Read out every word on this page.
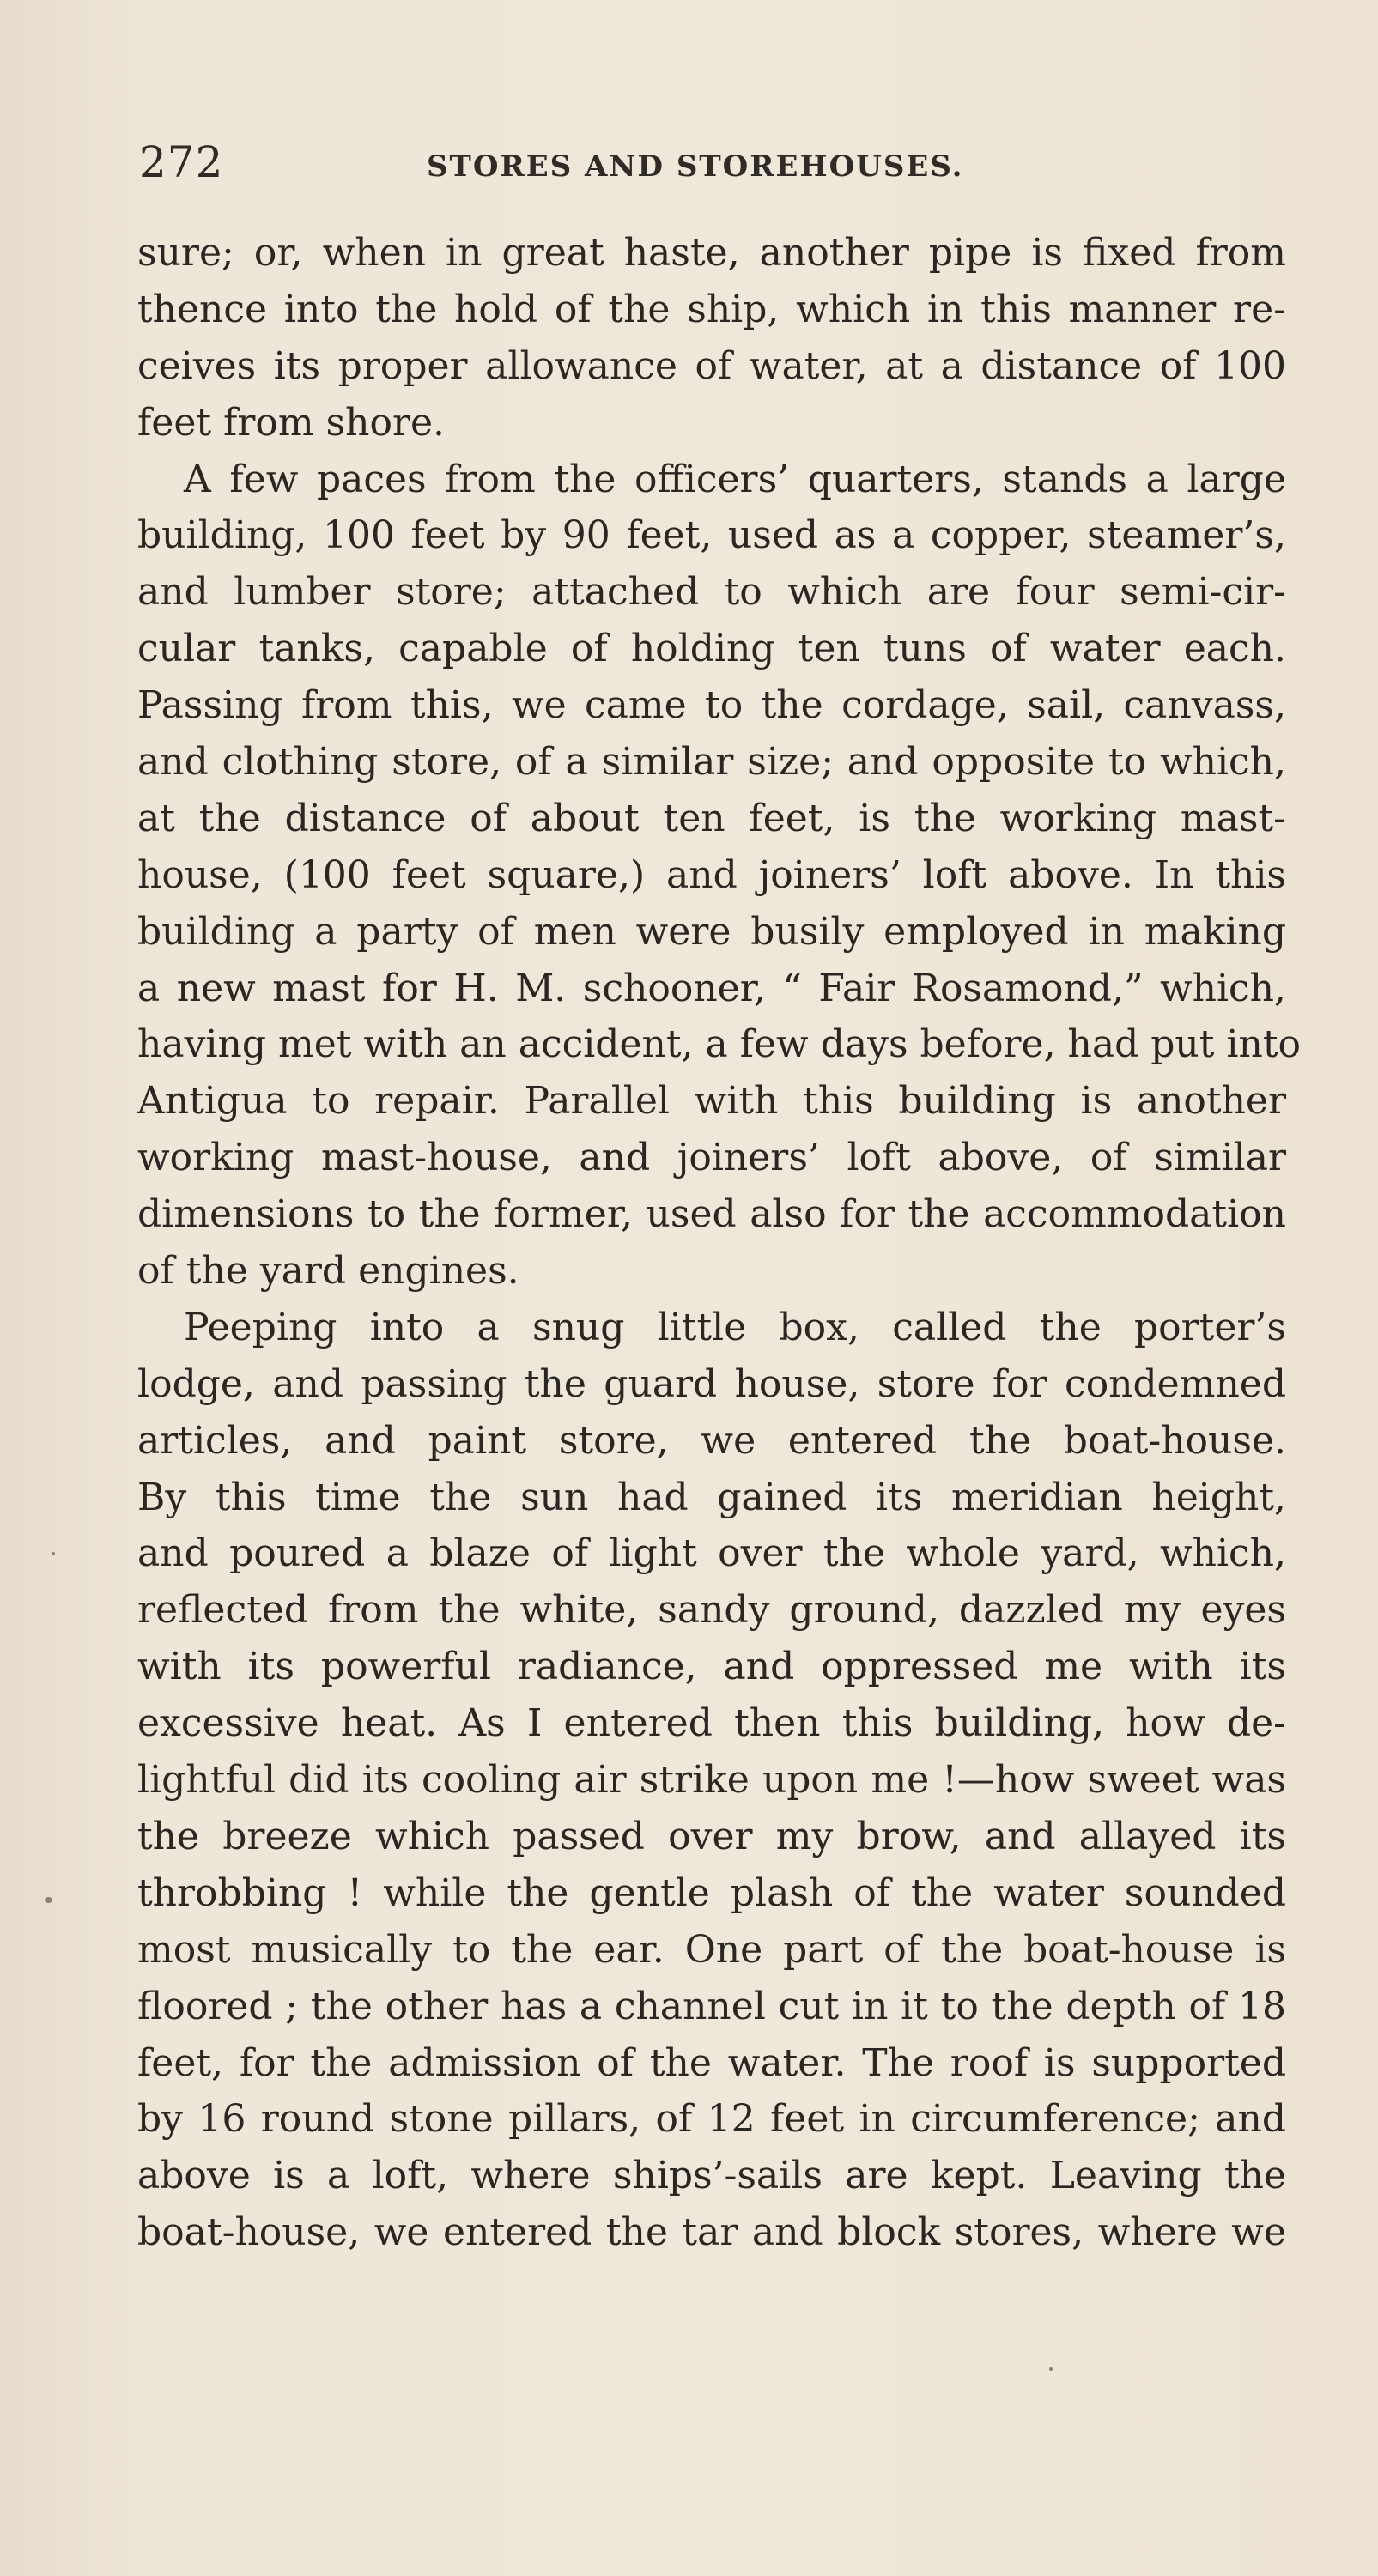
272	STORES AND STOREHOUSES.
sure; or, when in great haste, another pipe is fixed from
thence into the hold of the ship, which in this manner re-
ceives its proper allowance of water, at a distance of 100
feet from shore.
A few paces from the officers’ quarters, stands a large
building, 100 feet by 90 feet, used as a copper, steamer’s,
and lumber store; attached to which are four semi-cir-
cular tanks, capable of holding ten tuns of water each.
Passing from this, we came to the cordage, sail, canvass,
and clothing store, of a similar size; and opposite to which,
at the distance of about ten feet, is the working mast-
house, (100 feet square,) and joiners’ loft above. In this
building a party of men were busily employed in making
a new mast for H. M. schooner, “ Fair Rosamond,” which,
having met with an accident, a few days before, had put into
Antigua to repair. Parallel with this building is another
working mast-house, and joiners’ loft above, of similar
dimensions to the former, used also for the accommodation
of the yard engines.
Peeping into a snug little box, called the porter’s
lodge, and passing the guard house, store for condemned
articles, and paint store, we entered the boat-house.
By this time the sun had gained its meridian height,
and poured a blaze of light over the whole yard, which,
reflected from the white, sandy ground, dazzled my eyes
with its powerful radiance, and oppressed me with its
excessive heat. As I entered then this building, how de-
lightful did its cooling air strike upon me !—how sweet was
the breeze which passed over my brow, and allayed its
throbbing ! while the gentle plash of the water sounded
most musically to the ear. One part of the boat-house is
floored ; the other has a channel cut in it to the depth of 18
feet, for the admission of the water. The roof is supported
by 16 round stone pillars, of 12 feet in circumference; and
above is a loft, where ships’-sails are kept. Leaving the
boat-house, we entered the tar and block stores, where we
